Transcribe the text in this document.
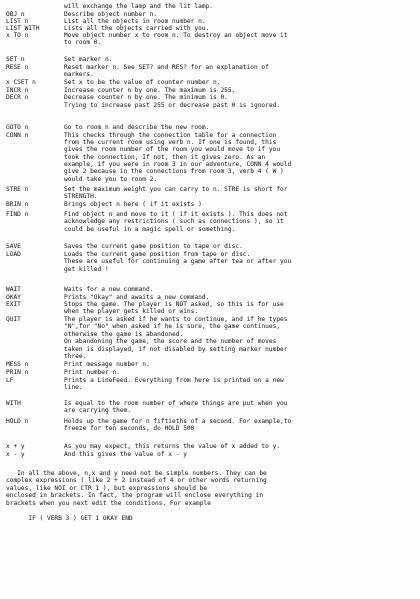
will exchange the lamp and the lit lamp.
OBJ n	Describe object number n.
LIST n	List all the objects in room number n.
LIST WITH	Lists all the objects carried with you.
x TO n	Move object number x to room n. To destroy an object move it
to room 0.
SET n	Set marker n.
RESE n	Reset marker n. See SET? and RES? for an explanation of
markers.
x CSET n	Set x to be the value of counter number n.
INCR n	Increase counter n by one. The maximum is 255.
DECR n	Decrease counter n by one. The minimum is 0.
Trying to increase past 255 or decrease past 0 is ignored.
GOTO n	Go to room n and describe the new room.
CONN n	This checks through the connection table for a connection
from the current room using verb n. If one is found, this
gives the room number of the room you would move to if you
took the connection, If not, then it gives zero. As an
example, if you were in room 3 in our adventure, CONN 4 would
give 2 because in the connections from room 3, verb 4 ( W )
would take you to room 2.
STRE n	Set the maximum weight you can carry to n. STRE is short for
STRENGTH.
BRIN n	Brings object n here ( if it exists )
FIND n	Find object n and move to it ( if it exists ). This does not
acknowledge any restrictions ( such as connections ), so it
could be useful in a magic spell or something.
SAVE	Saves the current game position to tape or disc.
LOAD	Loads the current game position from tape or disc.
These are useful for continuing a game after tea or after you
get killed !
WAIT	Waits for a new command.
OKAY	Prints "Okay" and awaits a new command.
EXIT	Stops the game. The player is NOT asked, so this is for use
when the player gets killed or wins.
QUIT	The player is asked if he wants to continue, and if he types
"N",for "No" when asked if he is sure, the game continues,
otherwise the game is abandoned.
On abandoning the game, the score and the number of moves
taken is displayed, if not disabled by setting marker number
three.
MESS n	Print message number n.
PRIN n	Print number n.
LF	Prints a LineFeed. Everything from here is printed on a new
line.
WITH	Is equal to the room number of where things are put when you
are carrying them.
HOLD n	Holds up the game for n fiftieths of a second. For example,to
freeze for ten seconds, do HOLD 500
x + y	As you may expect, this returns the value of x added to y.
x - y	And this gives the value of x - y
In all the above, n,x and y need not be simple numbers. They can be
complex expressions ( like 2 + 2 instead of 4 or other words returning
values, like NOI or CTR 1 ), but expressions should be
enclosed in brackets. In fact, the program will enclose everything in
brackets when you next edit the conditions. For example
IF ( VERB 3 ) GET 1 OKAY END
